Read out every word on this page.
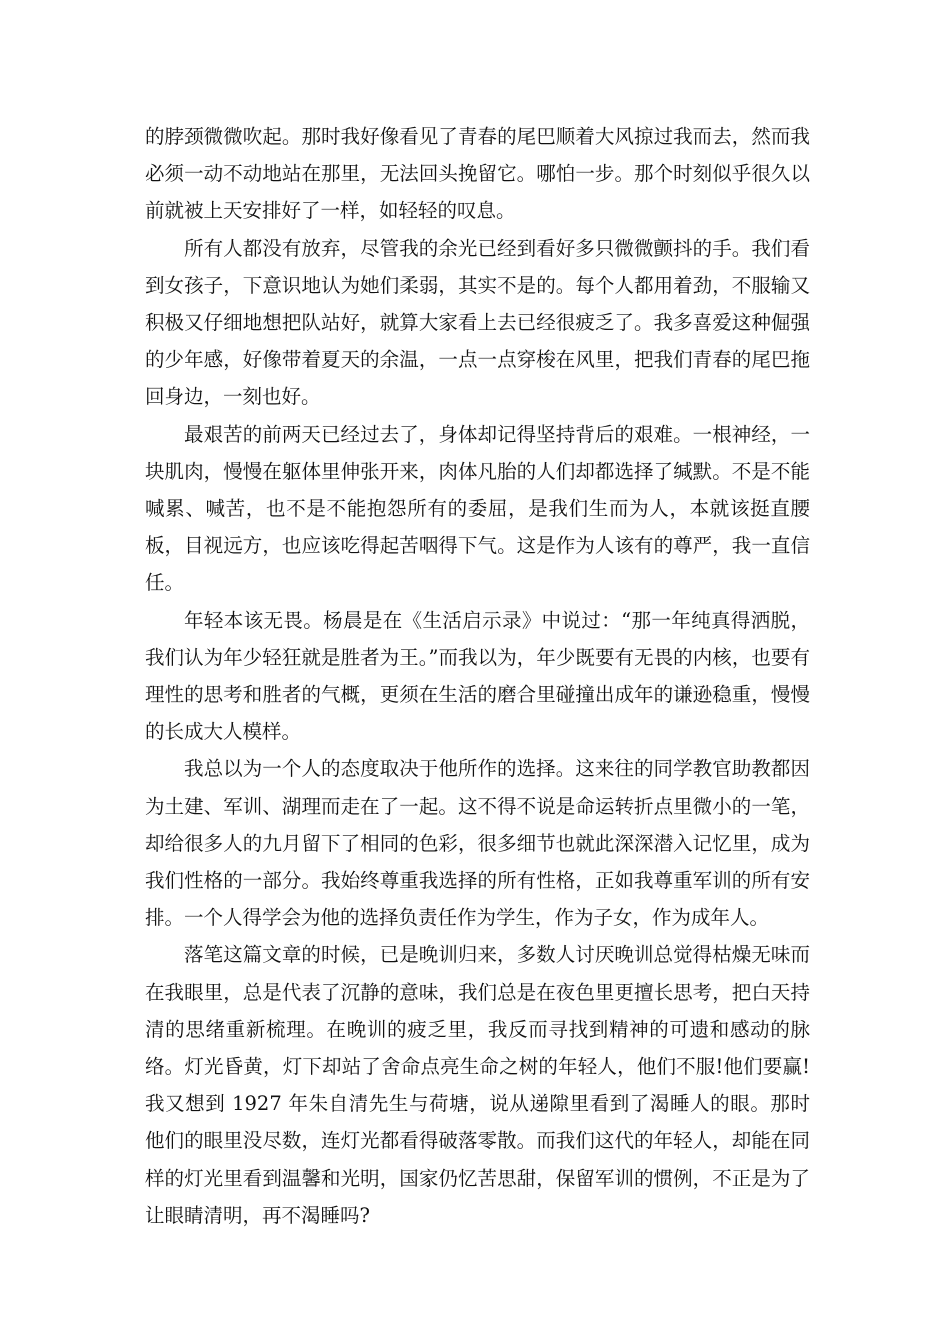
的脖颈微微吹起。那时我好像看见了青春的尾巴顺着大风掠过我而去，然而我必须一动不动地站在那里，无法回头挽留它。哪怕一步。那个时刻似乎很久以前就被上天安排好了一样，如轻轻的叹息。

所有人都没有放弃，尽管我的余光已经到看好多只微微颤抖的手。我们看到女孩子，下意识地认为她们柔弱，其实不是的。每个人都用着劲，不服输又积极又仔细地想把队站好，就算大家看上去已经很疲乏了。我多喜爱这种倔强的少年感，好像带着夏天的余温，一点一点穿梭在风里，把我们青春的尾巴拖回身边，一刻也好。

最艰苦的前两天已经过去了，身体却记得坚持背后的艰难。一根神经，一块肌肉，慢慢在躯体里伸张开来，肉体凡胎的人们却都选择了缄默。不是不能喊累、喊苦，也不是不能抱怨所有的委屈，是我们生而为人，本就该挺直腰板，目视远方，也应该吃得起苦咽得下气。这是作为人该有的尊严，我一直信任。

年轻本该无畏。杨晨是在《生活启示录》中说过：“那一年纯真得洒脱，我们认为年少轻狂就是胜者为王。”而我以为，年少既要有无畏的内核，也要有理性的思考和胜者的气概，更须在生活的磨合里碰撞出成年的谦逊稳重，慢慢的长成大人模样。

我总以为一个人的态度取决于他所作的选择。这来往的同学教官助教都因为土建、军训、湖理而走在了一起。这不得不说是命运转折点里微小的一笔，却给很多人的九月留下了相同的色彩，很多细节也就此深深潜入记忆里，成为我们性格的一部分。我始终尊重我选择的所有性格，正如我尊重军训的所有安排。一个人得学会为他的选择负责任作为学生，作为子女，作为成年人。

落笔这篇文章的时候，已是晚训归来，多数人讨厌晚训总觉得枯燥无味而在我眼里，总是代表了沉静的意味，我们总是在夜色里更擅长思考，把白天持清的思绪重新梳理。在晚训的疲乏里，我反而寻找到精神的可遗和感动的脉络。灯光昏黄，灯下却站了舍命点亮生命之树的年轻人，他们不服!他们要赢!我又想到 1927 年朱自清先生与荷塘，说从递隙里看到了渴睡人的眼。那时他们的眼里没尽数，连灯光都看得破落零散。而我们这代的年轻人，却能在同样的灯光里看到温馨和光明，国家仍忆苦思甜，保留军训的惯例，不正是为了让眼睛清明，再不渴睡吗?
